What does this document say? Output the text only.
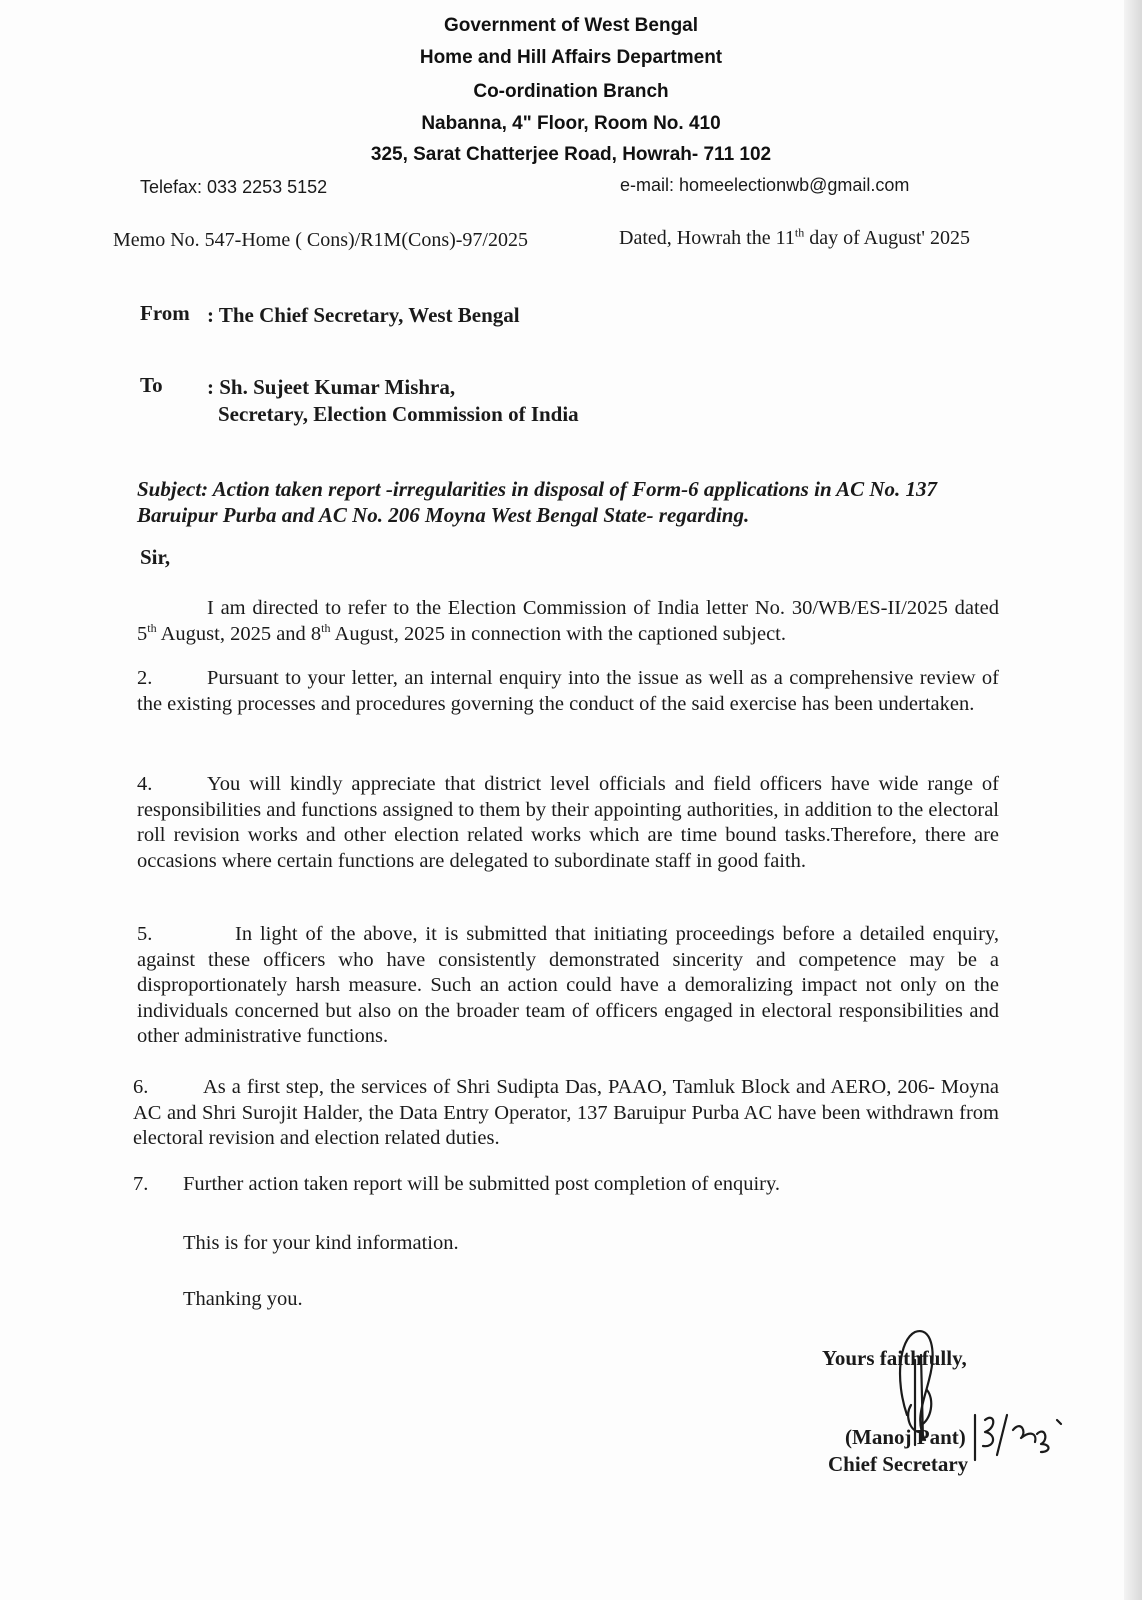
Government of West Bengal
Home and Hill Affairs Department
Co-ordination Branch
Nabanna, 4" Floor, Room No. 410
325, Sarat Chatterjee Road, Howrah- 711 102
Telefax: 033 2253 5152	e-mail: homeelectionwb@gmail.com
Memo No. 547-Home ( Cons)/R1M(Cons)-97/2025	Dated, Howrah the 11th day of August' 2025
From : The Chief Secretary, West Bengal
To : Sh. Sujeet Kumar Mishra,
Secretary, Election Commission of India
Subject: Action taken report -irregularities in disposal of Form-6 applications in AC No. 137 Baruipur Purba and AC No. 206 Moyna West Bengal State- regarding.
Sir,
I am directed to refer to the Election Commission of India letter No. 30/WB/ES-II/2025 dated 5th August, 2025 and 8th August, 2025 in connection with the captioned subject.
2.	Pursuant to your letter, an internal enquiry into the issue as well as a comprehensive review of the existing processes and procedures governing the conduct of the said exercise has been undertaken.
4.	You will kindly appreciate that district level officials and field officers have wide range of responsibilities and functions assigned to them by their appointing authorities, in addition to the electoral roll revision works and other election related works which are time bound tasks.Therefore, there are occasions where certain functions are delegated to subordinate staff in good faith.
5.	In light of the above, it is submitted that initiating proceedings before a detailed enquiry, against these officers who have consistently demonstrated sincerity and competence may be a disproportionately harsh measure. Such an action could have a demoralizing impact not only on the individuals concerned but also on the broader team of officers engaged in electoral responsibilities and other administrative functions.
6.	As a first step, the services of Shri Sudipta Das, PAAO, Tamluk Block and AERO, 206- Moyna AC and Shri Surojit Halder, the Data Entry Operator, 137 Baruipur Purba AC have been withdrawn from electoral revision and election related duties.
7. Further action taken report will be submitted post completion of enquiry.
This is for your kind information.
Thanking you.
Yours faithfully,
(Manoj Pant)
Chief Secretary
